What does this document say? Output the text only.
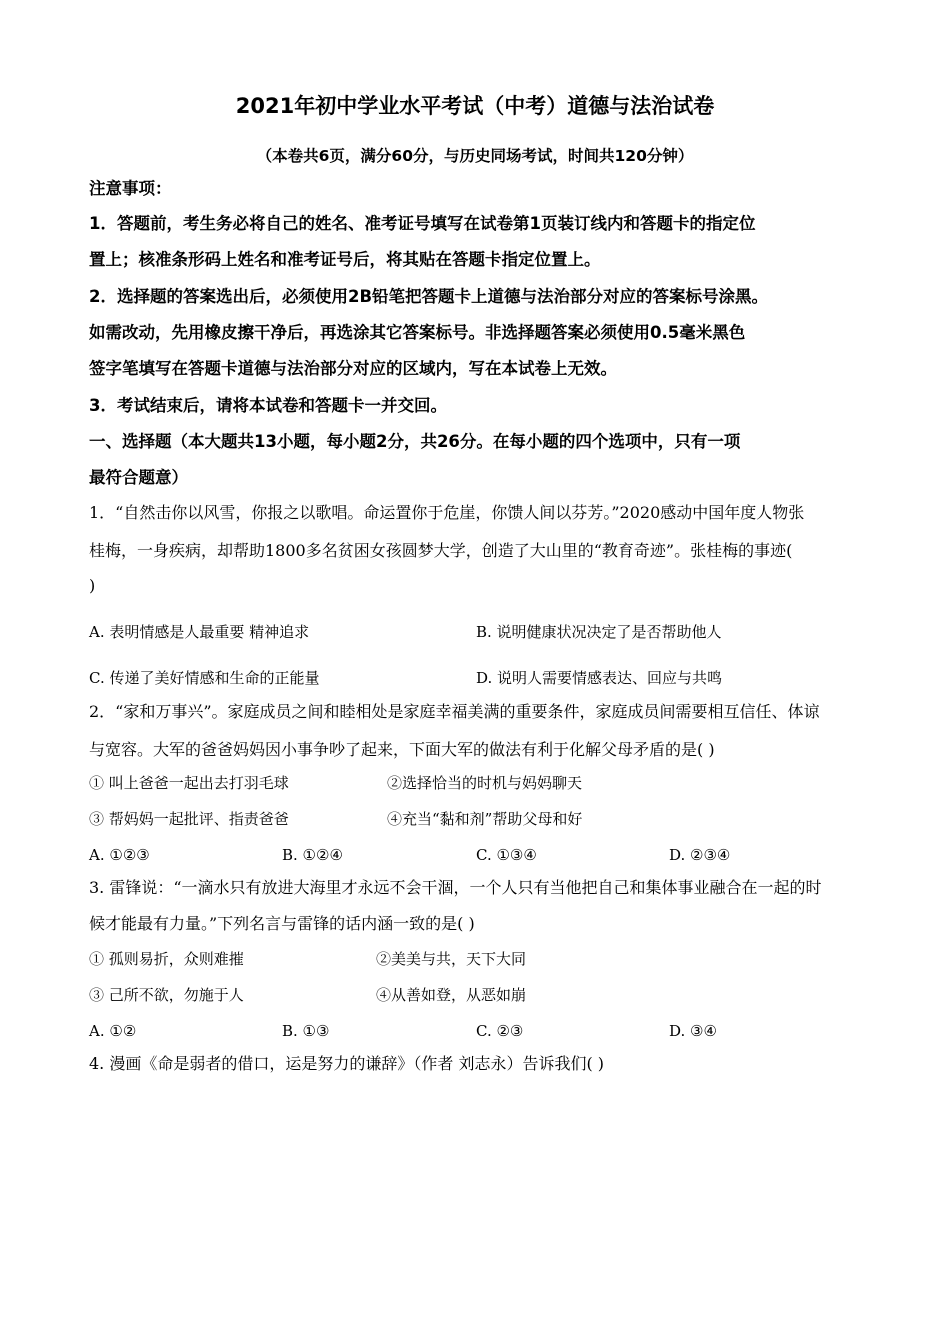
2021年初中学业水平考试（中考）道德与法治试卷
（本卷共6页，满分60分，与历史同场考试，时间共120分钟）
注意事项：
1．答题前，考生务必将自己的姓名、准考证号填写在试卷第1页装订线内和答题卡的指定位
置上；核准条形码上姓名和准考证号后，将其贴在答题卡指定位置上。
2．选择题的答案选出后，必须使用2B铅笔把答题卡上道德与法治部分对应的答案标号涂黑。
如需改动，先用橡皮擦干净后，再选涂其它答案标号。非选择题答案必须使用0.5毫米黑色
签字笔填写在答题卡道德与法治部分对应的区域内，写在本试卷上无效。
3．考试结束后，请将本试卷和答题卡一并交回。
一、选择题（本大题共13小题，每小题2分，共26分。在每小题的四个选项中，只有一项
最符合题意）
1．“自然击你以风雪，你报之以歌唱。命运置你于危崖，你馈人间以芬芳。”2020感动中国年度人物张
桂梅，一身疾病，却帮助1800多名贫困女孩圆梦大学，创造了大山里的“教育奇迹”。张桂梅的事迹(
)
A. 表明情感是人最重要 精神追求	B. 说明健康状况决定了是否帮助他人
C. 传递了美好情感和生命的正能量	D. 说明人需要情感表达、回应与共鸣
2．“家和万事兴”。家庭成员之间和睦相处是家庭幸福美满的重要条件，家庭成员间需要相互信任、体谅
与宽容。大军的爸爸妈妈因小事争吵了起来，下面大军的做法有利于化解父母矛盾的是( )
① 叫上爸爸一起出去打羽毛球	②选择恰当的时机与妈妈聊天
③ 帮妈妈一起批评、指责爸爸	④充当“黏和剂”帮助父母和好
A. ①②③	B. ①②④	C. ①③④	D. ②③④
3. 雷锋说：“一滴水只有放进大海里才永远不会干涸，一个人只有当他把自己和集体事业融合在一起的时
候才能最有力量。”下列名言与雷锋的话内涵一致的是( )
① 孤则易折，众则难摧	②美美与共，天下大同
③ 己所不欲，勿施于人	④从善如登，从恶如崩
A. ①②	B. ①③	C. ②③	D. ③④
4. 漫画《命是弱者的借口，运是努力的谦辞》（作者 刘志永）告诉我们( )
